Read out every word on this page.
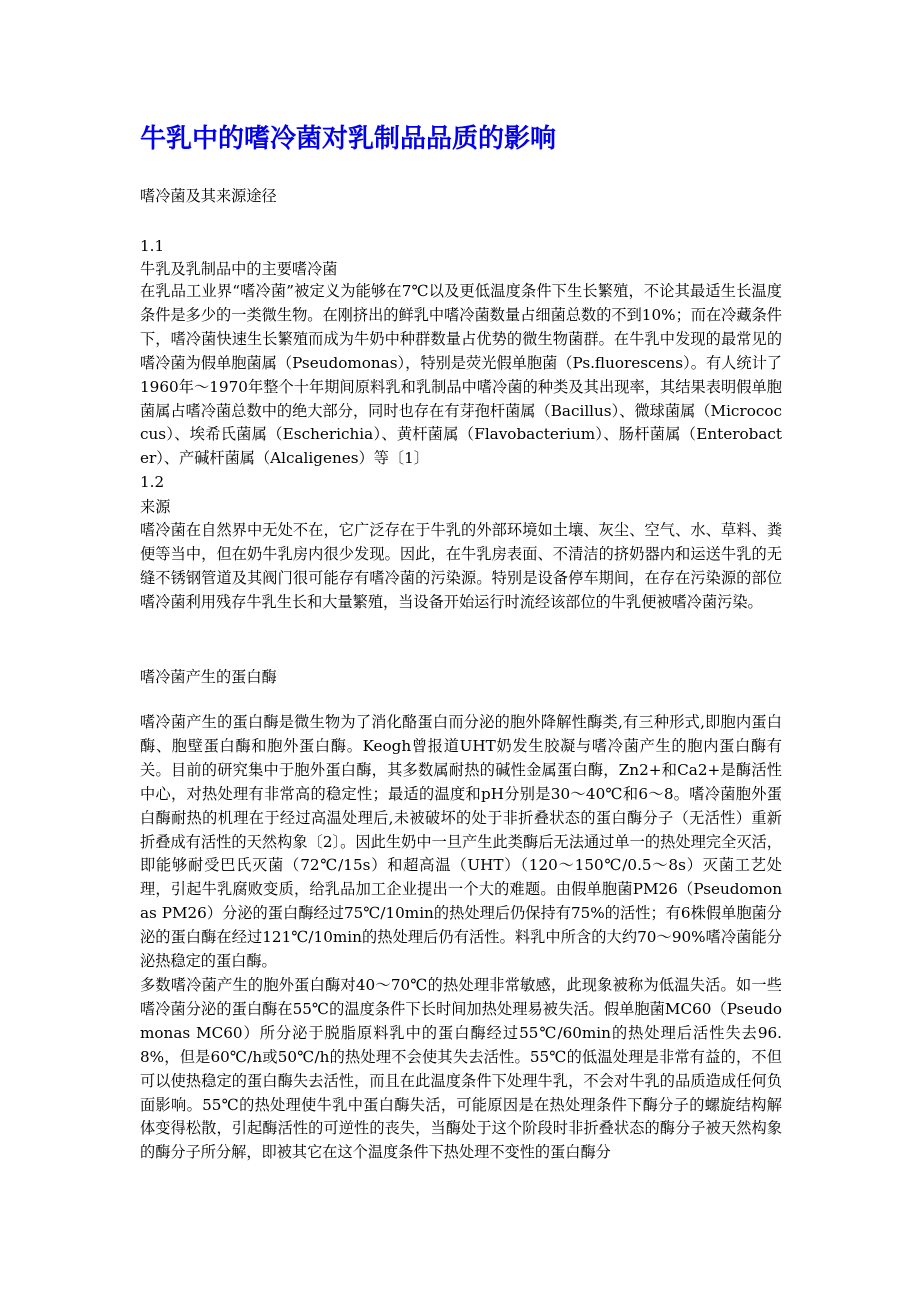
牛乳中的嗜冷菌对乳制品品质的影响

嗜冷菌及其来源途径

1.1

牛乳及乳制品中的主要嗜冷菌

在乳品工业界“嗜冷菌”被定义为能够在7℃以及更低温度条件下生长繁殖，不论其最适生长温度条件是多少的一类微生物。在刚挤出的鲜乳中嗜冷菌数量占细菌总数的不到10%；而在冷藏条件下，嗜冷菌快速生长繁殖而成为牛奶中种群数量占优势的微生物菌群。在牛乳中发现的最常见的嗜冷菌为假单胞菌属（Pseudomonas），特别是荧光假单胞菌（Ps.fluorescens）。有人统计了1960年～1970年整个十年期间原料乳和乳制品中嗜冷菌的种类及其出现率，其结果表明假单胞菌属占嗜冷菌总数中的绝大部分，同时也存在有芽孢杆菌属（Bacillus）、微球菌属（Micrococcus）、埃希氏菌属（Escherichia）、黄杆菌属（Flavobacterium）、肠杆菌属（Enterobacter）、产碱杆菌属（Alcaligenes）等〔1〕

1.2

来源

嗜冷菌在自然界中无处不在，它广泛存在于牛乳的外部环境如土壤、灰尘、空气、水、草料、粪便等当中，但在奶牛乳房内很少发现。因此，在牛乳房表面、不清洁的挤奶器内和运送牛乳的无缝不锈钢管道及其阀门很可能存有嗜冷菌的污染源。特别是设备停车期间，在存在污染源的部位嗜冷菌利用残存牛乳生长和大量繁殖，当设备开始运行时流经该部位的牛乳便被嗜冷菌污染。

嗜冷菌产生的蛋白酶

嗜冷菌产生的蛋白酶是微生物为了消化酪蛋白而分泌的胞外降解性酶类,有三种形式,即胞内蛋白酶、胞壁蛋白酶和胞外蛋白酶。Keogh曾报道UHT奶发生胶凝与嗜冷菌产生的胞内蛋白酶有关。目前的研究集中于胞外蛋白酶，其多数属耐热的碱性金属蛋白酶，Zn2+和Ca2+是酶活性中心，对热处理有非常高的稳定性；最适的温度和pH分别是30～40℃和6～8。嗜冷菌胞外蛋白酶耐热的机理在于经过高温处理后,未被破坏的处于非折叠状态的蛋白酶分子（无活性）重新折叠成有活性的天然构象〔2〕。因此生奶中一旦产生此类酶后无法通过单一的热处理完全灭活，即能够耐受巴氏灭菌（72℃/15s）和超高温（UHT）（120～150℃/0.5～8s）灭菌工艺处理，引起牛乳腐败变质，给乳品加工企业提出一个大的难题。由假单胞菌PM26（Pseudomonas PM26）分泌的蛋白酶经过75℃/10min的热处理后仍保持有75%的活性；有6株假单胞菌分泌的蛋白酶在经过121℃/10min的热处理后仍有活性。料乳中所含的大约70～90%嗜冷菌能分泌热稳定的蛋白酶。

多数嗜冷菌产生的胞外蛋白酶对40～70℃的热处理非常敏感，此现象被称为低温失活。如一些嗜冷菌分泌的蛋白酶在55℃的温度条件下长时间加热处理易被失活。假单胞菌MC60（Pseudomonas MC60）所分泌于脱脂原料乳中的蛋白酶经过55℃/60min的热处理后活性失去96.8%，但是60℃/h或50℃/h的热处理不会使其失去活性。55℃的低温处理是非常有益的，不但可以使热稳定的蛋白酶失去活性，而且在此温度条件下处理牛乳，不会对牛乳的品质造成任何负面影响。55℃的热处理使牛乳中蛋白酶失活，可能原因是在热处理条件下酶分子的螺旋结构解体变得松散，引起酶活性的可逆性的丧失，当酶处于这个阶段时非折叠状态的酶分子被天然构象的酶分子所分解，即被其它在这个温度条件下热处理不变性的蛋白酶分
